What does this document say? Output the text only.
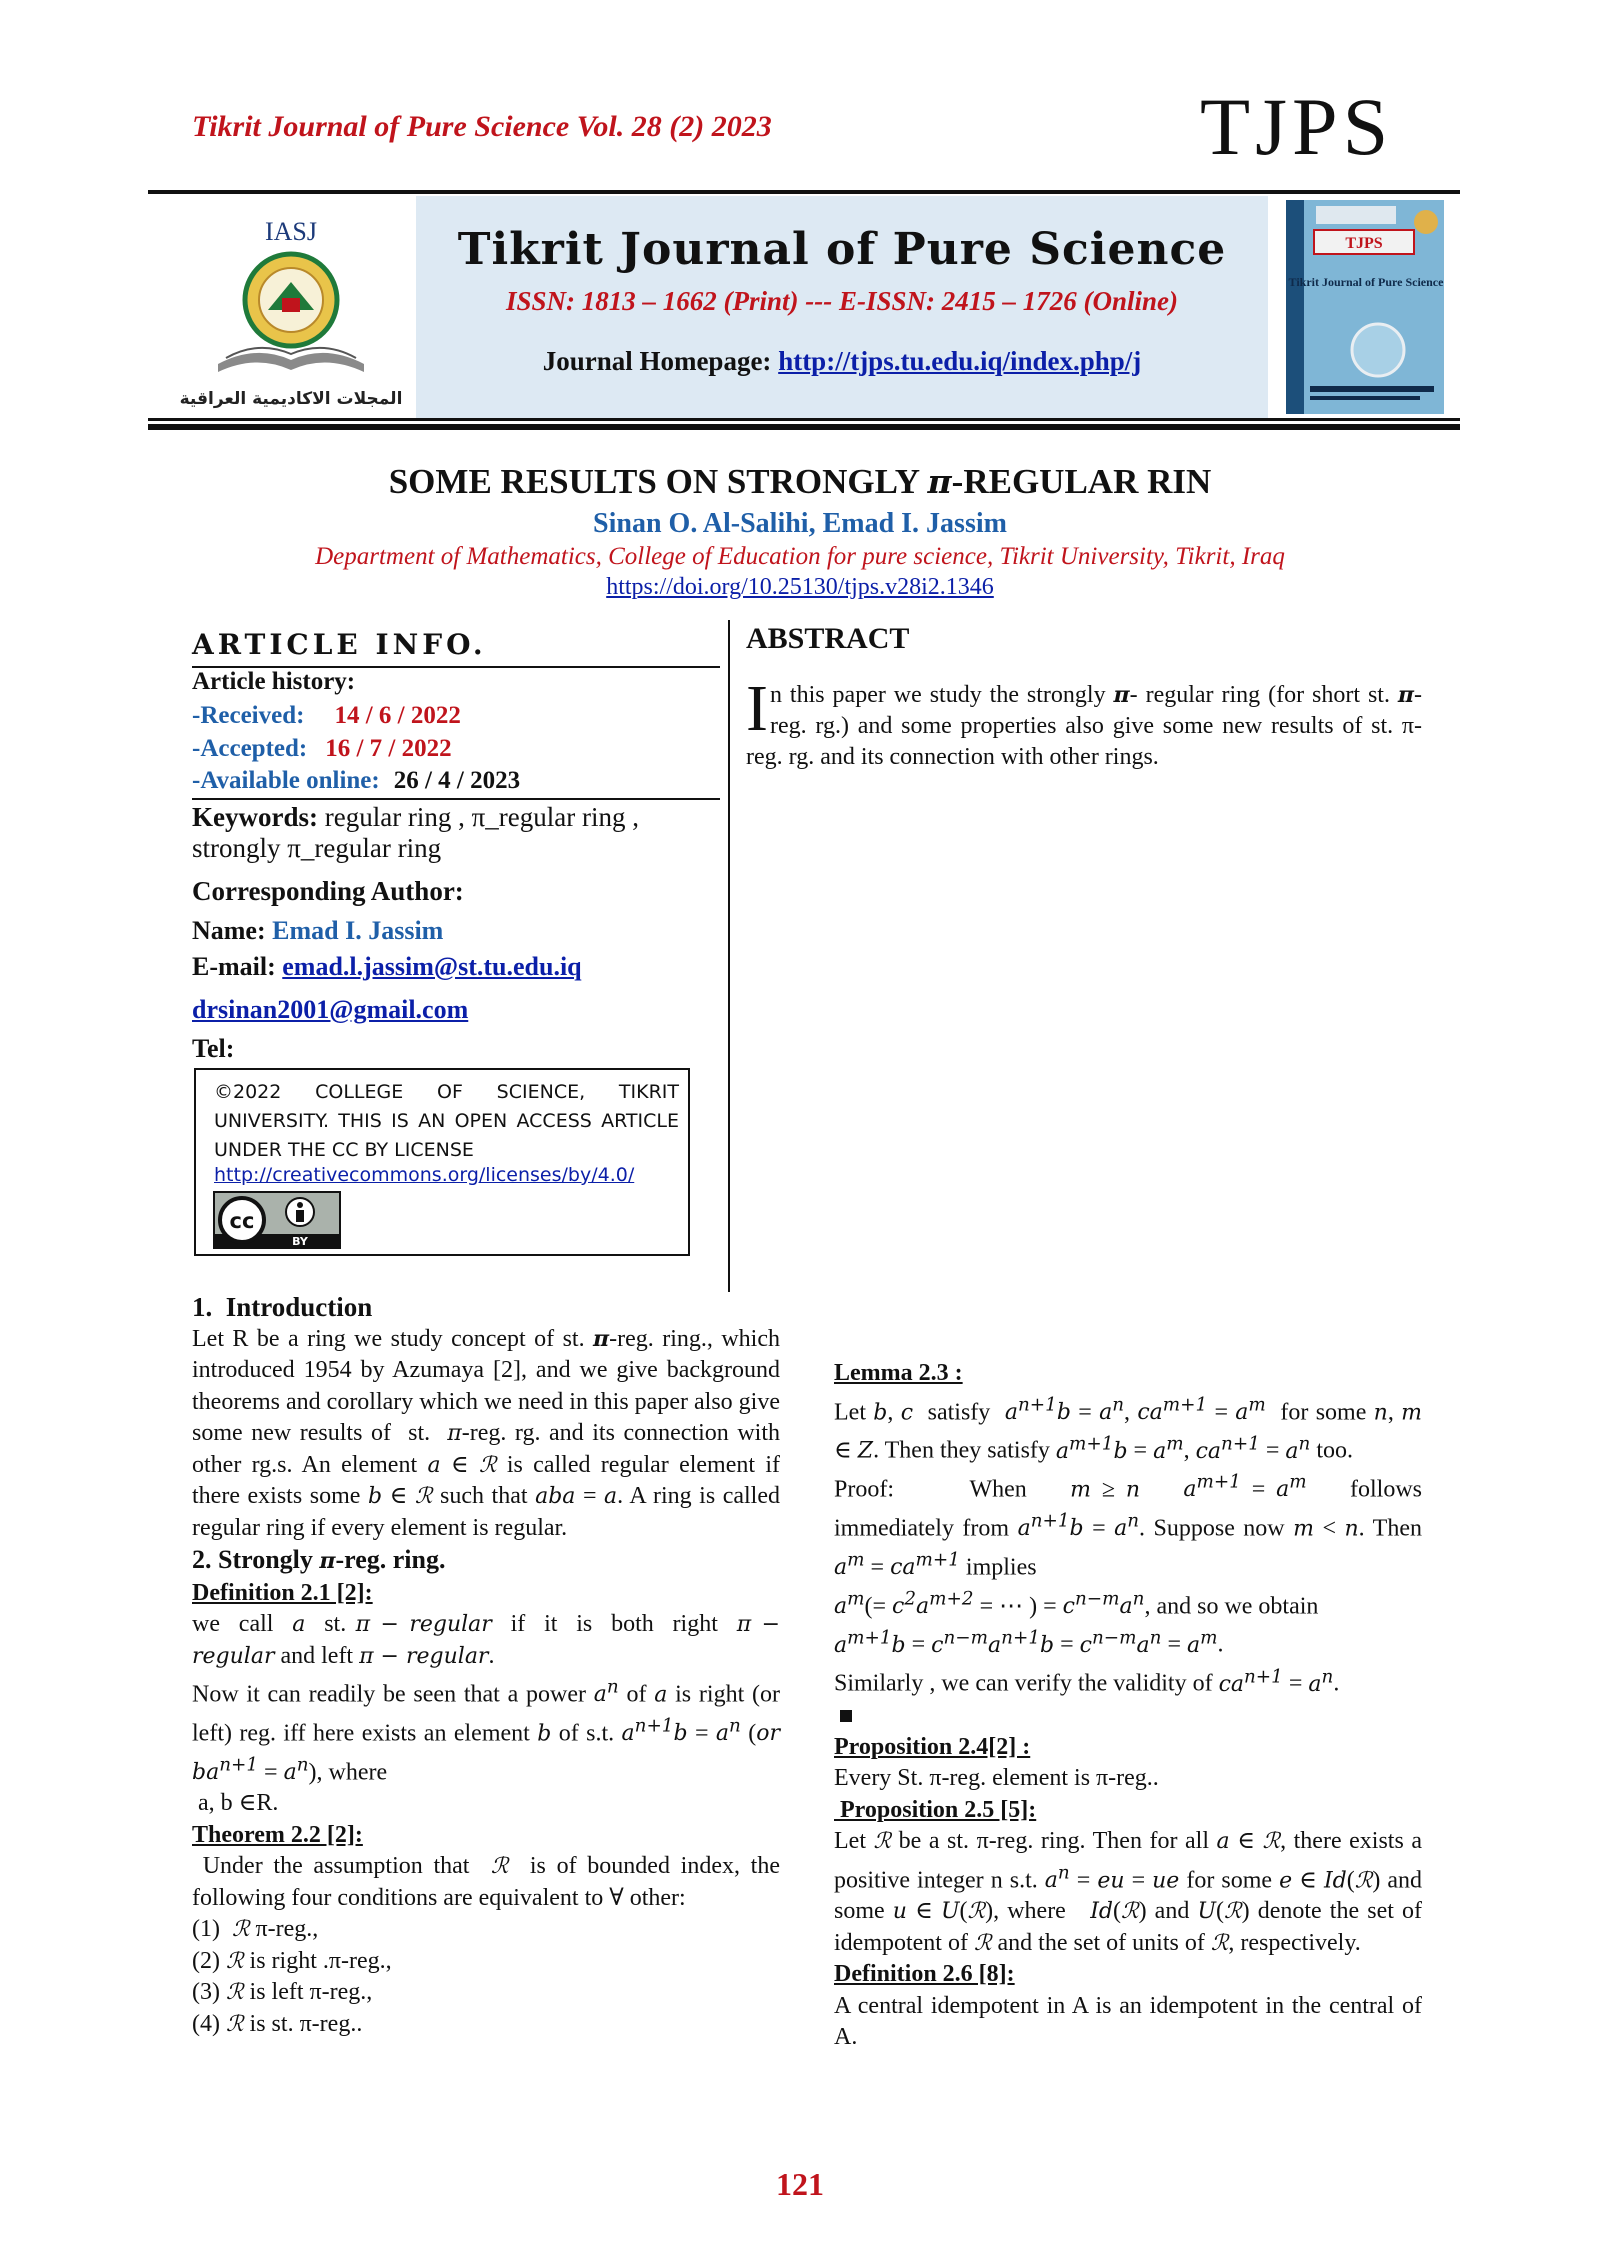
Tikrit Journal of Pure Science Vol. 28 (2) 2023	TJPS
IASJ
المجلات الاكاديمية العراقية
Tikrit Journal of Pure Science
ISSN: 1813 – 1662 (Print) --- E-ISSN: 2415 – 1726 (Online)
Journal Homepage: http://tjps.tu.edu.iq/index.php/j
TJPS
Tikrit Journal of Pure Science
SOME RESULTS ON STRONGLY π-REGULAR RIN
Sinan O. Al-Salihi, Emad I. Jassim
Department of Mathematics, College of Education for pure science, Tikrit University, Tikrit, Iraq
https://doi.org/10.25130/tjps.v28i2.1346
ARTICLE INFO.
Article history:
-Received: 14 / 6 / 2022
-Accepted: 16 / 7 / 2022
-Available online: 26 / 4 / 2023
Keywords: regular ring , π_regular ring ,
strongly π_regular ring
Corresponding Author:
Name: Emad I. Jassim
E-mail: emad.l.jassim@st.tu.edu.iq
drsinan2001@gmail.com
Tel:
©2022 COLLEGE OF SCIENCE, TIKRIT UNIVERSITY. THIS IS AN OPEN ACCESS ARTICLE UNDER THE CC BY LICENSE
http://creativecommons.org/licenses/by/4.0/
cc
BY
ABSTRACT
In this paper we study the strongly π- regular ring (for short st. π-reg. rg.) and some properties also give some new results of st. π-reg. rg. and its connection with other rings.

1.  Introduction

Let R be a ring we study concept of st. π-reg. ring., which introduced 1954 by Azumaya [2], and we give background theorems and corollary which we need in this paper also give some new results of  st.  π-reg. rg. and its connection with other rg.s. An element a ∈ ℛ is called regular element if there exists some b ∈ ℛ such that aba = a. A ring is called regular ring if every element is regular.

2. Strongly π-reg. ring.

Definition 2.1 [2]:

we  call  a  st. π − regular  if  it  is  both  right  π − regular and left π − regular.

Now it can readily be seen that a power $a^n$ of a is right (or left) reg. iff here exists an element b of s.t. $a^{n+1}b = a^n$ (or $ba^{n+1} = a^n$), where

a, b ∈R.

Theorem 2.2 [2]:

Under the assumption that  ℛ  is of bounded index, the following four conditions are equivalent to ∀ other:

(1)  ℛ π-reg.,

(2) ℛ is right .π-reg.,

(3) ℛ is left π-reg.,

(4) ℛ is st. π-reg..

Lemma 2.3 :

Let b, c  satisfy  $a^{n+1}b = a^n$, $ca^{m+1} = a^m$  for some n, m ∈ Z. Then they satisfy $a^{m+1}b = a^m$, $ca^{n+1} = a^n$ too.

Proof:       When    m ≥ n $a^{m+1} = a^m$    follows immediately from $a^{n+1}b = a^n$. Suppose now m < n. Then $a^m = ca^{m+1}$ implies

$a^m(= c^2a^{m+2}$ = ⋯ ) = $c^{n-m}a^n$, and so we obtain

$a^{m+1}b = c^{n-m}a^{n+1}b = c^{n-m}a^n = a^m$.

Similarly , we can verify the validity of $ca^{n+1} = a^n$.

Proposition 2.4[2] :

Every St. π-reg. element is π-reg..

Proposition 2.5 [5]:

Let ℛ be a st. π-reg. ring. Then for all a ∈ ℛ, there exists a positive integer n s.t. $a^n$ = eu = ue for some e ∈ Id(ℛ) and some u ∈ U(ℛ), where   Id(ℛ) and U(ℛ) denote the set of idempotent of ℛ and the set of units of ℛ, respectively.

Definition 2.6 [8]:

A central idempotent in A is an idempotent in the central of A.

121
